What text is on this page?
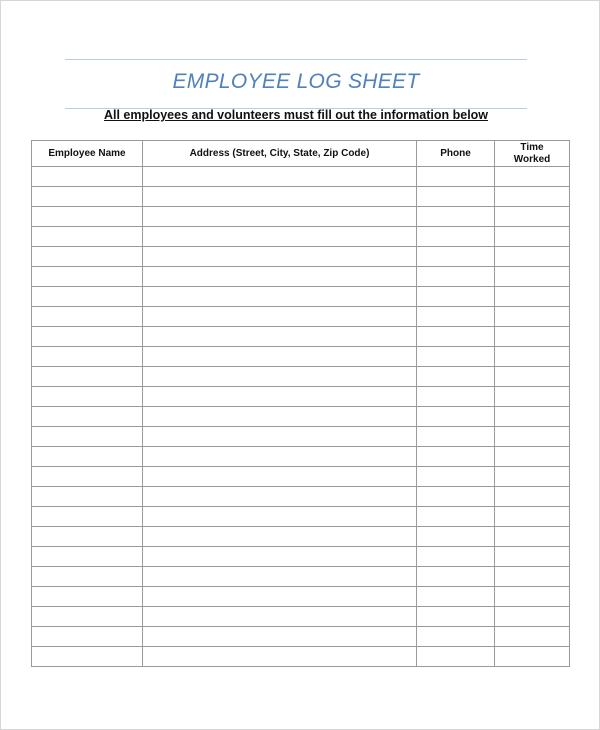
EMPLOYEE LOG SHEET
All employees and volunteers must fill out the information below
Employee Name	Address (Street, City, State, Zip Code)	Phone	Time Worked
